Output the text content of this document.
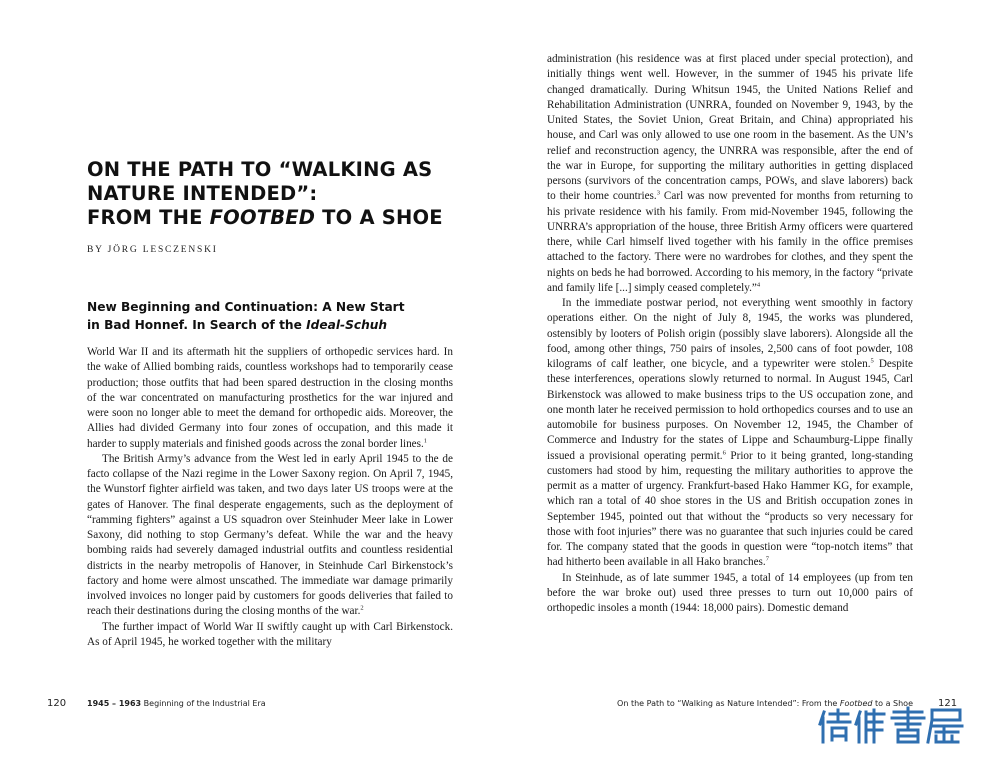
ON THE PATH TO “WALKING AS
NATURE INTENDED”:
FROM THE FOOTBED TO A SHOE
BY JÖRG LESCZENSKI
New Beginning and Continuation: A New Start
in Bad Honnef. In Search of the Ideal-Schuh

World War II and its aftermath hit the suppliers of orthopedic services hard. In the wake of Allied bombing raids, countless workshops had to temporarily cease production; those outfits that had been spared destruction in the closing months of the war concentrated on manufacturing prosthetics for the war injured and were soon no longer able to meet the demand for orthopedic aids. Moreover, the Allies had divided Germany into four zones of occupation, and this made it harder to supply materials and finished goods across the zonal border lines.$^1$

The British Army’s advance from the West led in early April 1945 to the de facto collapse of the Nazi regime in the Lower Saxony region. On April 7, 1945, the Wunstorf fighter airfield was taken, and two days later US troops were at the gates of Hanover. The final desperate engagements, such as the deployment of “ramming fighters” against a US squadron over Steinhuder Meer lake in Lower Saxony, did nothing to stop Germany’s defeat. While the war and the heavy bombing raids had severely damaged industrial outfits and countless residential districts in the nearby metropolis of Hanover, in Steinhude Carl Birkenstock’s factory and home were almost unscathed. The immediate war damage primarily involved invoices no longer paid by customers for goods deliveries that failed to reach their destinations during the closing months of the war.$^2$

The further impact of World War II swiftly caught up with Carl Birkenstock. As of April 1945, he worked together with the military

administration (his residence was at first placed under special protection), and initially things went well. However, in the summer of 1945 his private life changed dramatically. During Whitsun 1945, the United Nations Relief and Rehabilitation Administration (UNRRA, founded on November 9, 1943, by the United States, the Soviet Union, Great Britain, and China) appropriated his house, and Carl was only allowed to use one room in the basement. As the UN’s relief and reconstruction agency, the UNRRA was responsible, after the end of the war in Europe, for supporting the military authorities in getting displaced persons (survivors of the concentration camps, POWs, and slave laborers) back to their home countries.$^3$ Carl was now prevented for months from returning to his private residence with his family. From mid-November 1945, following the UNRRA’s appropriation of the house, three British Army officers were quartered there, while Carl himself lived together with his family in the office premises attached to the factory. There were no wardrobes for clothes, and they spent the nights on beds he had borrowed. According to his memory, in the factory “private and family life [...] simply ceased completely.”$^4$

In the immediate postwar period, not everything went smoothly in factory operations either. On the night of July 8, 1945, the works was plundered, ostensibly by looters of Polish origin (possibly slave laborers). Alongside all the food, among other things, 750 pairs of insoles, 2,500 cans of foot powder, 108 kilograms of calf leather, one bicycle, and a typewriter were stolen.$^5$ Despite these interferences, operations slowly returned to normal. In August 1945, Carl Birkenstock was allowed to make business trips to the US occupation zone, and one month later he received permission to hold orthopedics courses and to use an automobile for business purposes. On November 12, 1945, the Chamber of Commerce and Industry for the states of Lippe and Schaumburg-Lippe finally issued a provisional operating permit.$^6$ Prior to it being granted, long-standing customers had stood by him, requesting the military authorities to approve the permit as a matter of urgency. Frankfurt-based Hako Hammer KG, for example, which ran a total of 40 shoe stores in the US and British occupation zones in September 1945, pointed out that without the “products so very necessary for those with foot injuries” there was no guarantee that such injuries could be cared for. The company stated that the goods in question were “top-notch items” that had hitherto been available in all Hako branches.$^7$

In Steinhude, as of late summer 1945, a total of 14 employees (up from ten before the war broke out) used three presses to turn out 10,000 pairs of orthopedic insoles a month (1944: 18,000 pairs). Domestic demand

120	1945 – 1963 Beginning of the Industrial Era	On the Path to “Walking as Nature Intended”: From the Footbed to a Shoe	121
